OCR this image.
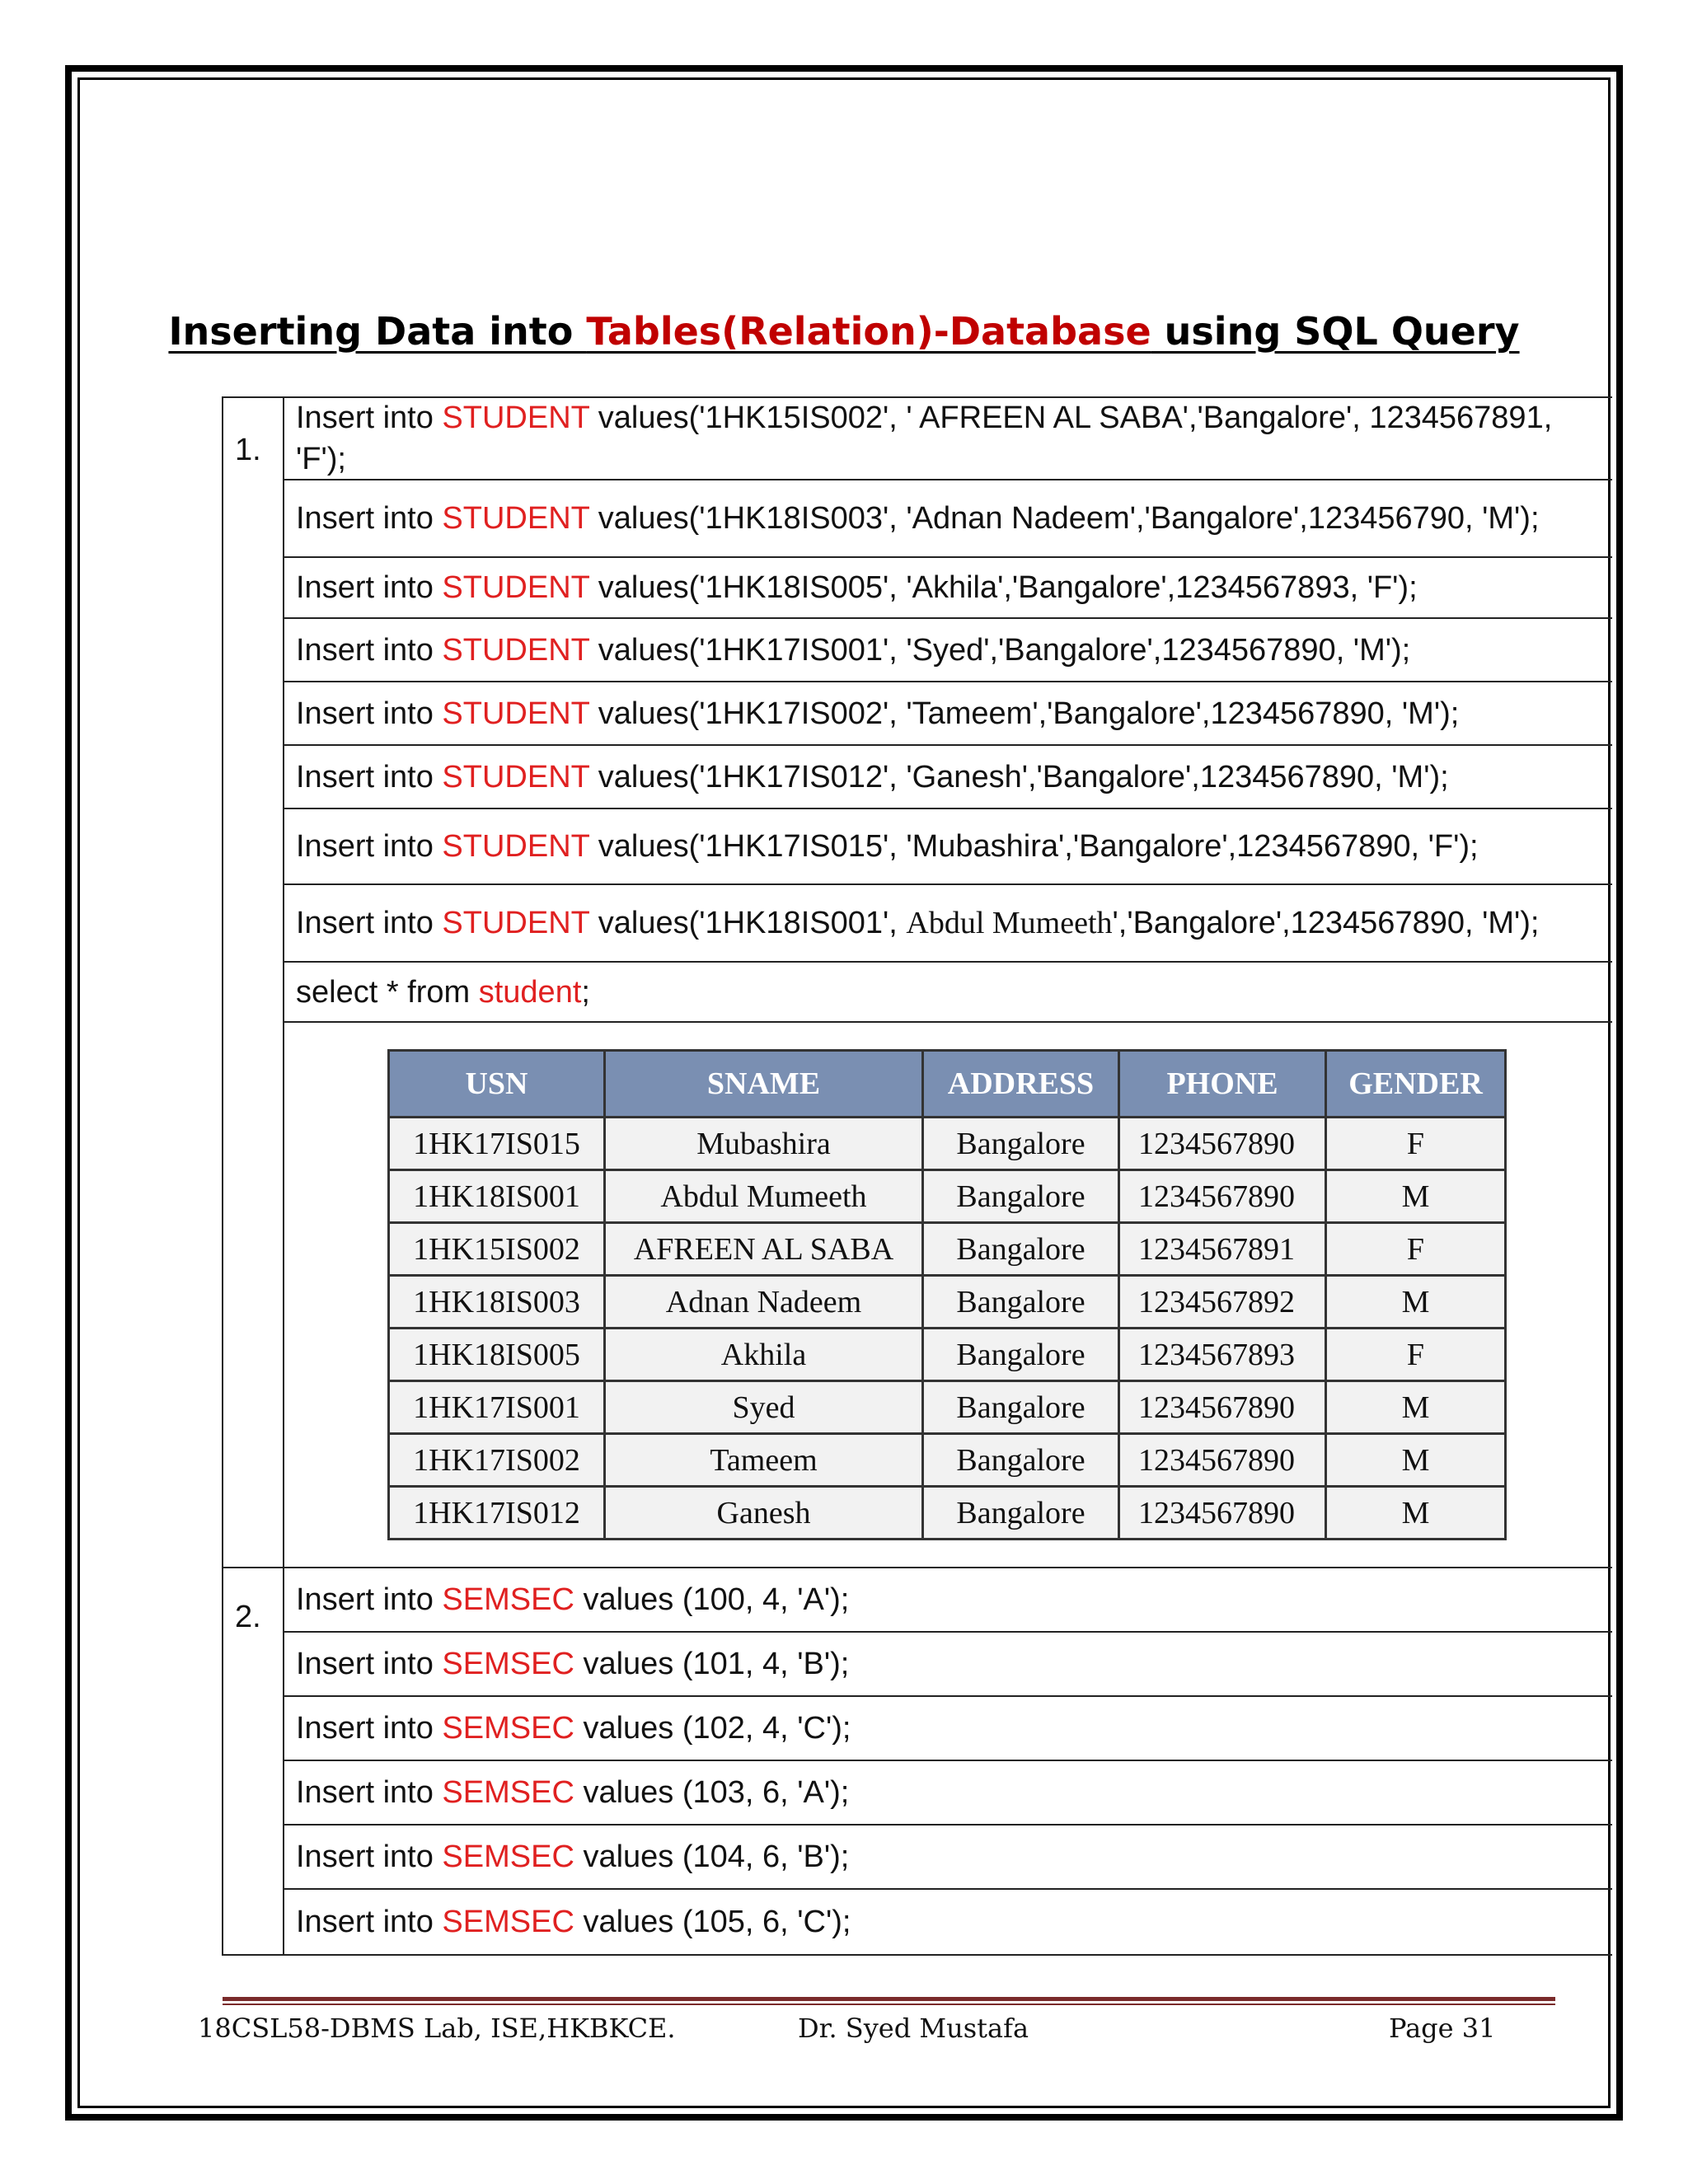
Inserting Data into Tables(Relation)-Database using SQL Query
1.
Insert into STUDENT values('1HK15IS002', ' AFREEN AL SABA','Bangalore', 1234567891, 'F');
Insert into STUDENT values('1HK18IS003', 'Adnan Nadeem','Bangalore',123456790, 'M');
Insert into STUDENT values('1HK18IS005', 'Akhila','Bangalore',1234567893, 'F');
Insert into STUDENT values('1HK17IS001', 'Syed','Bangalore',1234567890, 'M');
Insert into STUDENT values('1HK17IS002', 'Tameem','Bangalore',1234567890, 'M');
Insert into STUDENT values('1HK17IS012', 'Ganesh','Bangalore',1234567890, 'M');
Insert into STUDENT values('1HK17IS015', 'Mubashira','Bangalore',1234567890, 'F');
Insert into STUDENT values('1HK18IS001', Abdul Mumeeth','Bangalore',1234567890, 'M');
select * from student;
USN	SNAME	ADDRESS	PHONE	GENDER
1HK17IS015	Mubashira	Bangalore	1234567890	F
1HK18IS001	Abdul Mumeeth	Bangalore	1234567890	M
1HK15IS002	AFREEN AL SABA	Bangalore	1234567891	F
1HK18IS003	Adnan Nadeem	Bangalore	1234567892	M
1HK18IS005	Akhila	Bangalore	1234567893	F
1HK17IS001	Syed	Bangalore	1234567890	M
1HK17IS002	Tameem	Bangalore	1234567890	M
1HK17IS012	Ganesh	Bangalore	1234567890	M
2.	Insert into SEMSEC values (100, 4, 'A');
Insert into SEMSEC values (101, 4, 'B');
Insert into SEMSEC values (102, 4, 'C');
Insert into SEMSEC values (103, 6, 'A');
Insert into SEMSEC values (104, 6, 'B');
Insert into SEMSEC values (105, 6, 'C');
18CSL58-DBMS Lab, ISE,HKBKCE.	Dr. Syed Mustafa	Page 31
